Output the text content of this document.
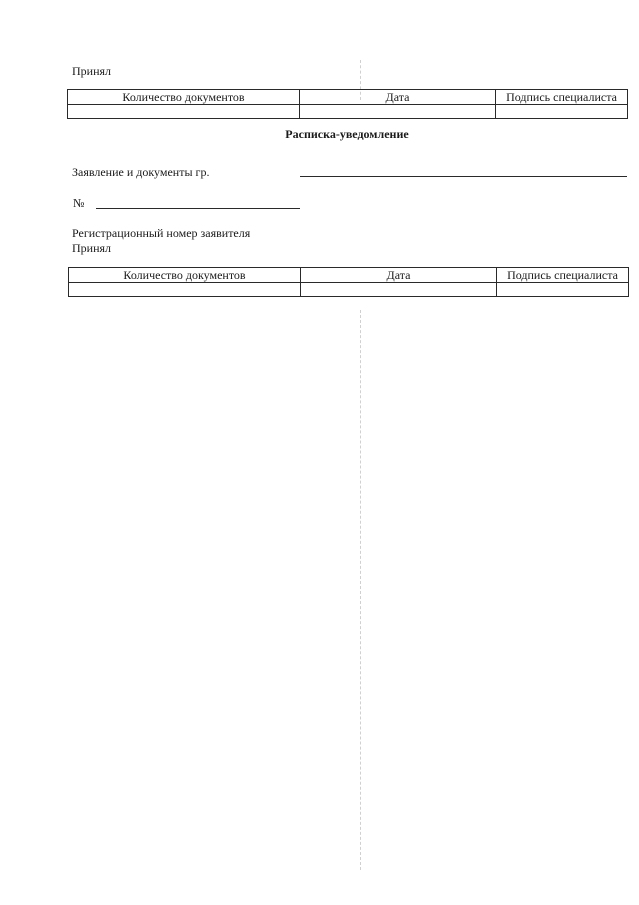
Принял
Количество документов	Дата	Подпись специалиста

Расписка-уведомление
Заявление и документы гр.
№
Регистрационный номер заявителя
Принял
Количество документов	Дата	Подпись специалиста
